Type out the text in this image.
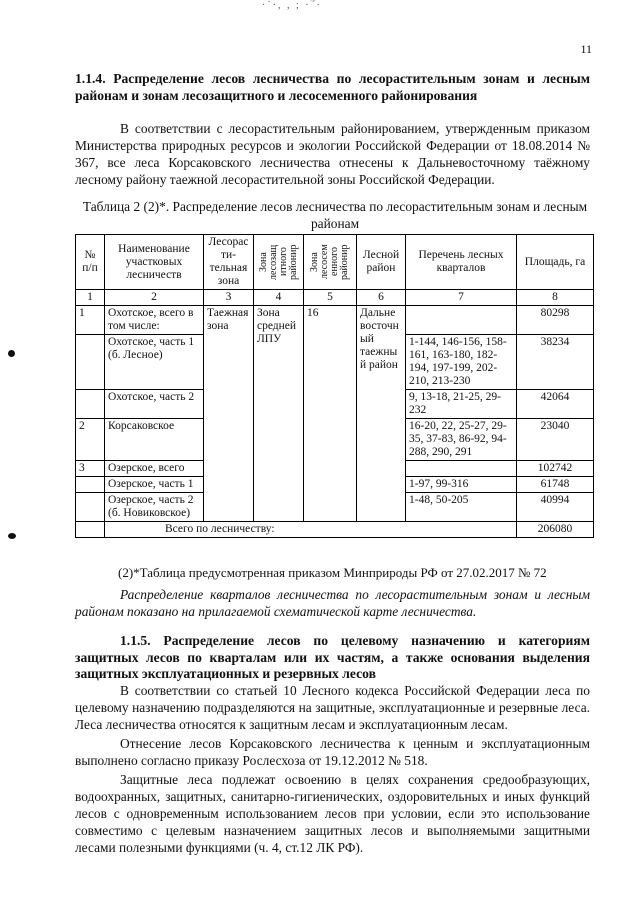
·˙·, , ; ·՞·
11
1.1.4. Распределение лесов лесничества по лесорастительным зонам и лесным районам и зонам лесозащитного и лесосеменного районирования
В соответствии с лесорастительным районированием, утвержденным приказом Министерства природных ресурсов и экологии Российской Федерации от 18.08.2014 № 367, все леса Корсаковского лесничества отнесены к Дальневосточному таёжному лесному району таежной лесорастительной зоны Российской Федерации.
Таблица 2 (2)*. Распределение лесов лесничества по лесорастительным зонам и лесным районам
№ п/п	Наименование участковых лесничеств	Лесорас ти-тельная зона	Зона лесозащ итного районир	Зона лесосем енного районир	Лесной район	Перечень лесных кварталов	Площадь, га
1	2	3	4	5	6	7	8
1	Охотское, всего в том числе:	Таежная зона	Зона средней ЛПУ	16	Дальне восточн ый таежны й район		80298
	Охотское, часть 1 (б. Лесное)					1-144, 146-156, 158-161, 163-180, 182-194, 197-199, 202-210, 213-230	38234
	Охотское, часть 2					9, 13-18, 21-25, 29-232	42064
2	Корсаковское					16-20, 22, 25-27, 29-35, 37-83, 86-92, 94-288, 290, 291	23040
3	Озерское, всего						102742
	Озерское, часть 1					1-97, 99-316	61748
	Озерское, часть 2 (б. Новиковское)					1-48, 50-205	40994
	Всего по лесничеству:						206080
(2)*Таблица предусмотренная приказом Минприроды РФ от 27.02.2017 № 72
Распределение кварталов лесничества по лесорастительным зонам и лесным районам показано на прилагаемой схематической карте лесничества.
1.1.5. Распределение лесов по целевому назначению и категориям защитных лесов по кварталам или их частям, а также основания выделения защитных эксплуатационных и резервных лесов

В соответствии со статьей 10 Лесного кодекса Российской Федерации леса по целевому назначению подразделяются на защитные, эксплуатационные и резервные леса. Леса лесничества относятся к защитным лесам и эксплуатационным лесам.

Отнесение лесов Корсаковского лесничества к ценным и эксплуатационным выполнено согласно приказу Рослесхоза от 19.12.2012 № 518.

Защитные леса подлежат освоению в целях сохранения средообразующих, водоохранных, защитных, санитарно-гигиенических, оздоровительных и иных функций лесов с одновременным использованием лесов при условии, если это использование совместимо с целевым назначением защитных лесов и выполняемыми защитными лесами полезными функциями (ч. 4, ст.12 ЛК РФ).
